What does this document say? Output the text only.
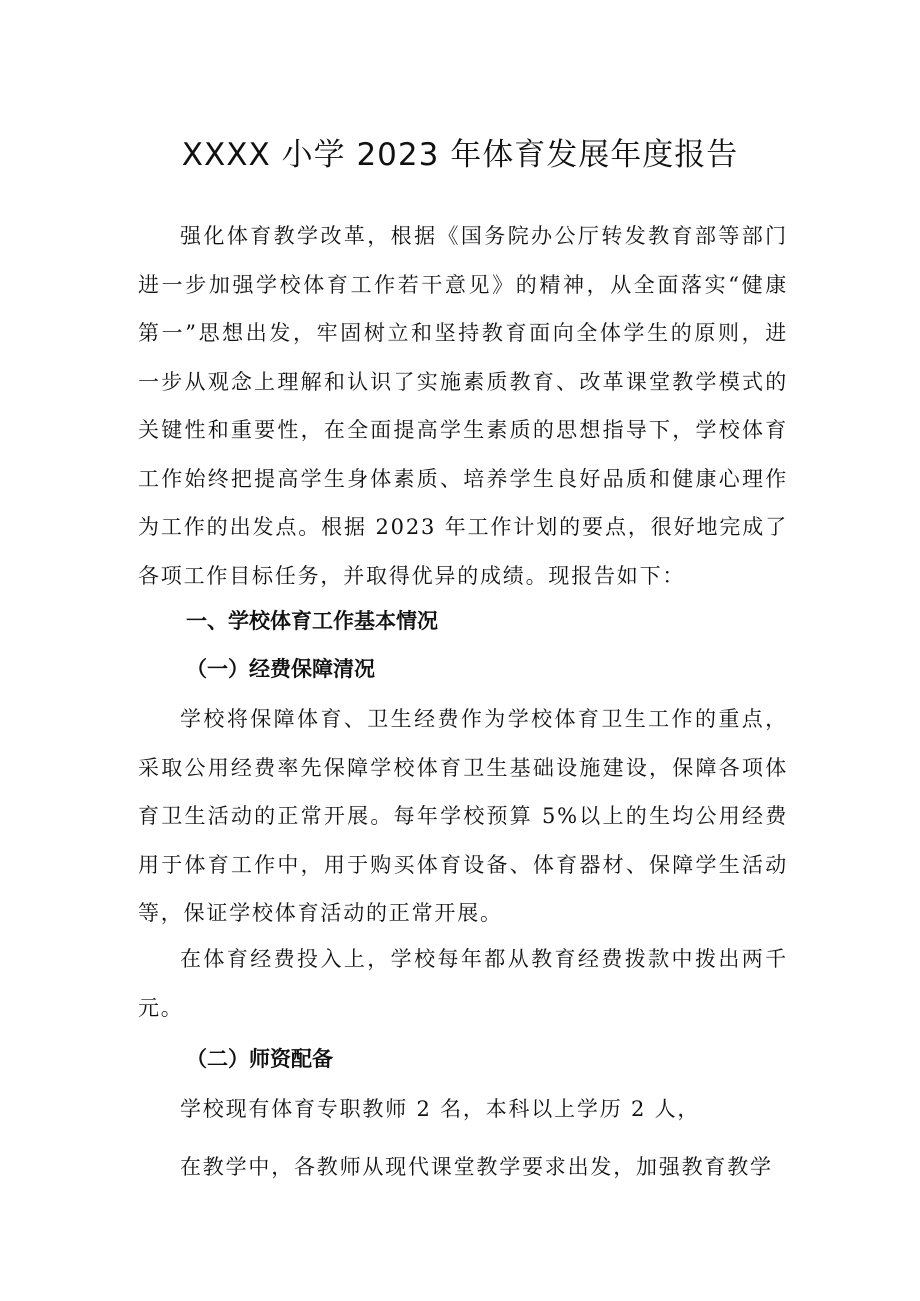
XXXX 小学 2023 年体育发展年度报告

强化体育教学改革，根据《国务院办公厅转发教育部等部门进一步加强学校体育工作若干意见》的精神，从全面落实“健康第一”思想出发，牢固树立和坚持教育面向全体学生的原则，进一步从观念上理解和认识了实施素质教育、改革课堂教学模式的关键性和重要性，在全面提高学生素质的思想指导下，学校体育工作始终把提高学生身体素质、培养学生良好品质和健康心理作为工作的出发点。根据 2023 年工作计划的要点，很好地完成了各项工作目标任务，并取得优异的成绩。现报告如下：

一、学校体育工作基本情况
（一）经费保障清况

学校将保障体育、卫生经费作为学校体育卫生工作的重点，采取公用经费率先保障学校体育卫生基础设施建设，保障各项体育卫生活动的正常开展。每年学校预算 5%以上的生均公用经费用于体育工作中，用于购买体育设备、体育器材、保障学生活动等，保证学校体育活动的正常开展。

在体育经费投入上，学校每年都从教育经费拨款中拨出两千元。

（二）师资配备

学校现有体育专职教师 2 名，本科以上学历 2 人，

在教学中，各教师从现代课堂教学要求出发，加强教育教学
